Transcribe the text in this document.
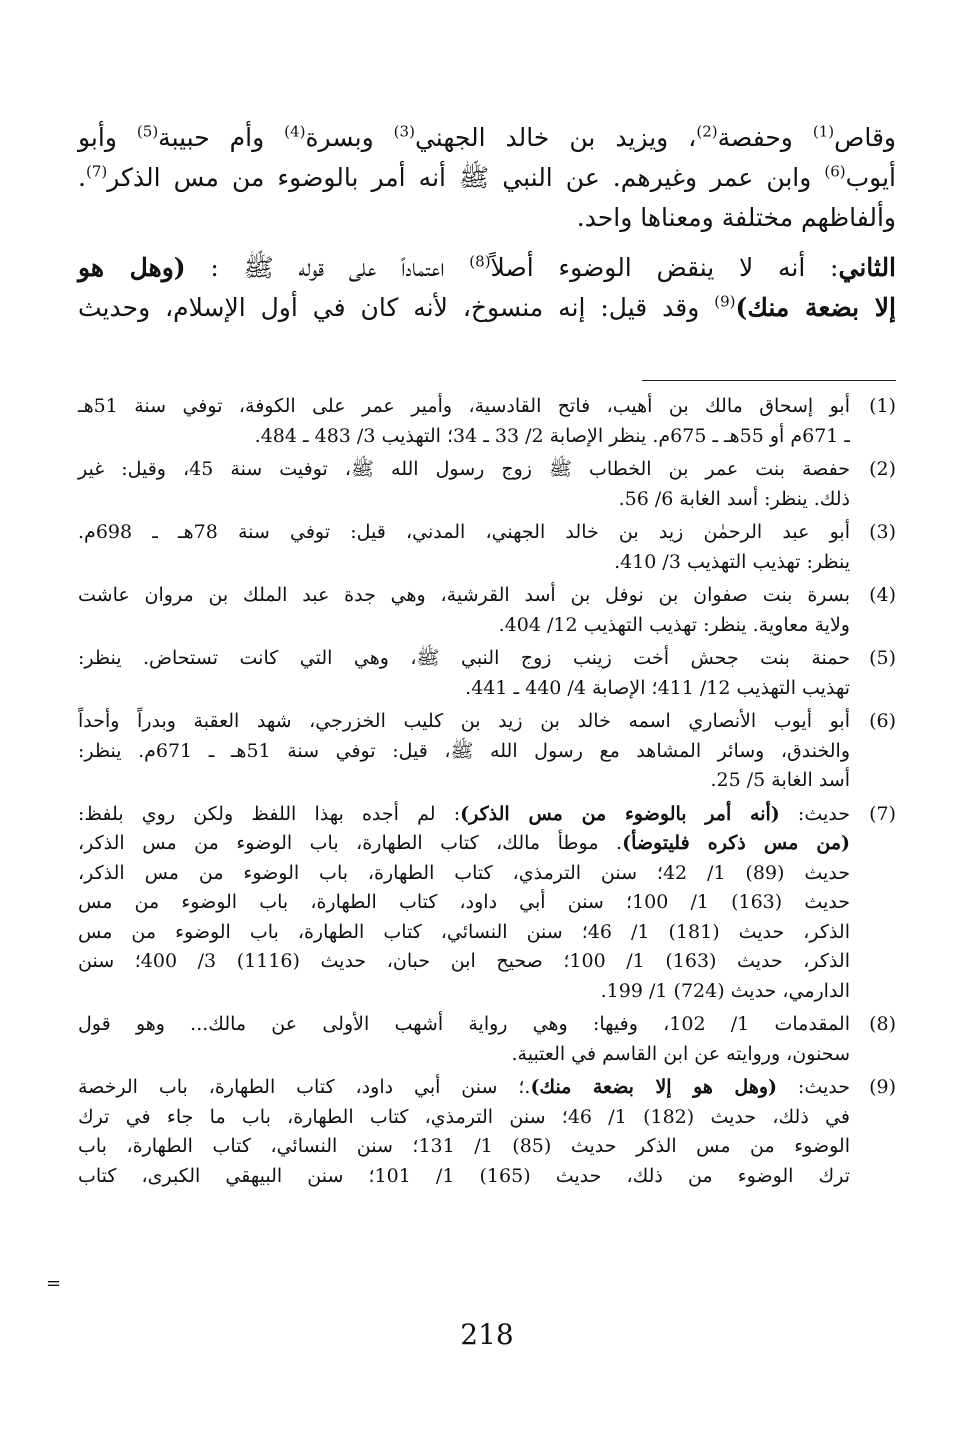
وقاص$^{(1)}$ وحفصة$^{(2)}$، ويزيد بن خالد الجهني$^{(3)}$ وبسرة$^{(4)}$ وأم حبيبة$^{(5)}$ وأبو
أيوب$^{(6)}$ وابن عمر وغيرهم. عن النبي ﷺ أنه أمر بالوضوء من مس الذكر$^{(7)}$.
وألفاظهم مختلفة ومعناها واحد.

الثاني: أنه لا ينقض الوضوء أصلاً$^{(8)}$ اعتماداً على قوله ﷺ : (وهل هو
إلا بضعة منك)$^{(9)}$ وقد قيل: إنه منسوخ، لأنه كان في أول الإسلام، وحديث

(1)
أبو إسحاق مالك بن أهيب، فاتح القادسية، وأمير عمر على الكوفة، توفي سنة 51هـ
ـ 671م أو 55هـ ـ 675م. ينظر الإصابة 2/ 33 ـ 34؛ التهذيب 3/ 483 ـ 484.
(2)
حفصة بنت عمر بن الخطاب ﷺ زوج رسول الله ﷺ، توفيت سنة 45، وقيل: غير
ذلك. ينظر: أسد الغابة 6/ 56.
(3)
أبو عبد الرحمٰن زيد بن خالد الجهني، المدني، قيل: توفي سنة 78هـ ـ 698م.
ينظر: تهذيب التهذيب 3/ 410.
(4)
بسرة بنت صفوان بن نوفل بن أسد القرشية، وهي جدة عبد الملك بن مروان عاشت
ولاية معاوية. ينظر: تهذيب التهذيب 12/ 404.
(5)
حمنة بنت جحش أخت زينب زوج النبي ﷺ، وهي التي كانت تستحاض. ينظر:
تهذيب التهذيب 12/ 411؛ الإصابة 4/ 440 ـ 441.
(6)
أبو أيوب الأنصاري اسمه خالد بن زيد بن كليب الخزرجي، شهد العقبة وبدراً وأحداً
والخندق، وسائر المشاهد مع رسول الله ﷺ، قيل: توفي سنة 51هـ ـ 671م. ينظر:
أسد الغابة 5/ 25.
(7)
حديث: (أنه أمر بالوضوء من مس الذكر): لم أجده بهذا اللفظ ولكن روي بلفظ:
(من مس ذكره فليتوضأ). موطأ مالك، كتاب الطهارة، باب الوضوء من مس الذكر،
حديث (89) 1/ 42؛ سنن الترمذي، كتاب الطهارة، باب الوضوء من مس الذكر،
حديث (163) 1/ 100؛ سنن أبي داود، كتاب الطهارة، باب الوضوء من مس
الذكر، حديث (181) 1/ 46؛ سنن النسائي، كتاب الطهارة، باب الوضوء من مس
الذكر، حديث (163) 1/ 100؛ صحيح ابن حبان، حديث (1116) 3/ 400؛ سنن
الدارمي، حديث (724) 1/ 199.
(8)
المقدمات 1/ 102، وفيها: وهي رواية أشهب الأولى عن مالك... وهو قول
سحنون، وروايته عن ابن القاسم في العتبية.
(9)
حديث: (وهل هو إلا بضعة منك).؛ سنن أبي داود، كتاب الطهارة، باب الرخصة
في ذلك، حديث (182) 1/ 46؛ سنن الترمذي، كتاب الطهارة، باب ما جاء في ترك
الوضوء من مس الذكر حديث (85) 1/ 131؛ سنن النسائي، كتاب الطهارة، باب
ترك الوضوء من ذلك، حديث (165) 1/ 101؛ سنن البيهقي الكبرى، كتاب
=
218
